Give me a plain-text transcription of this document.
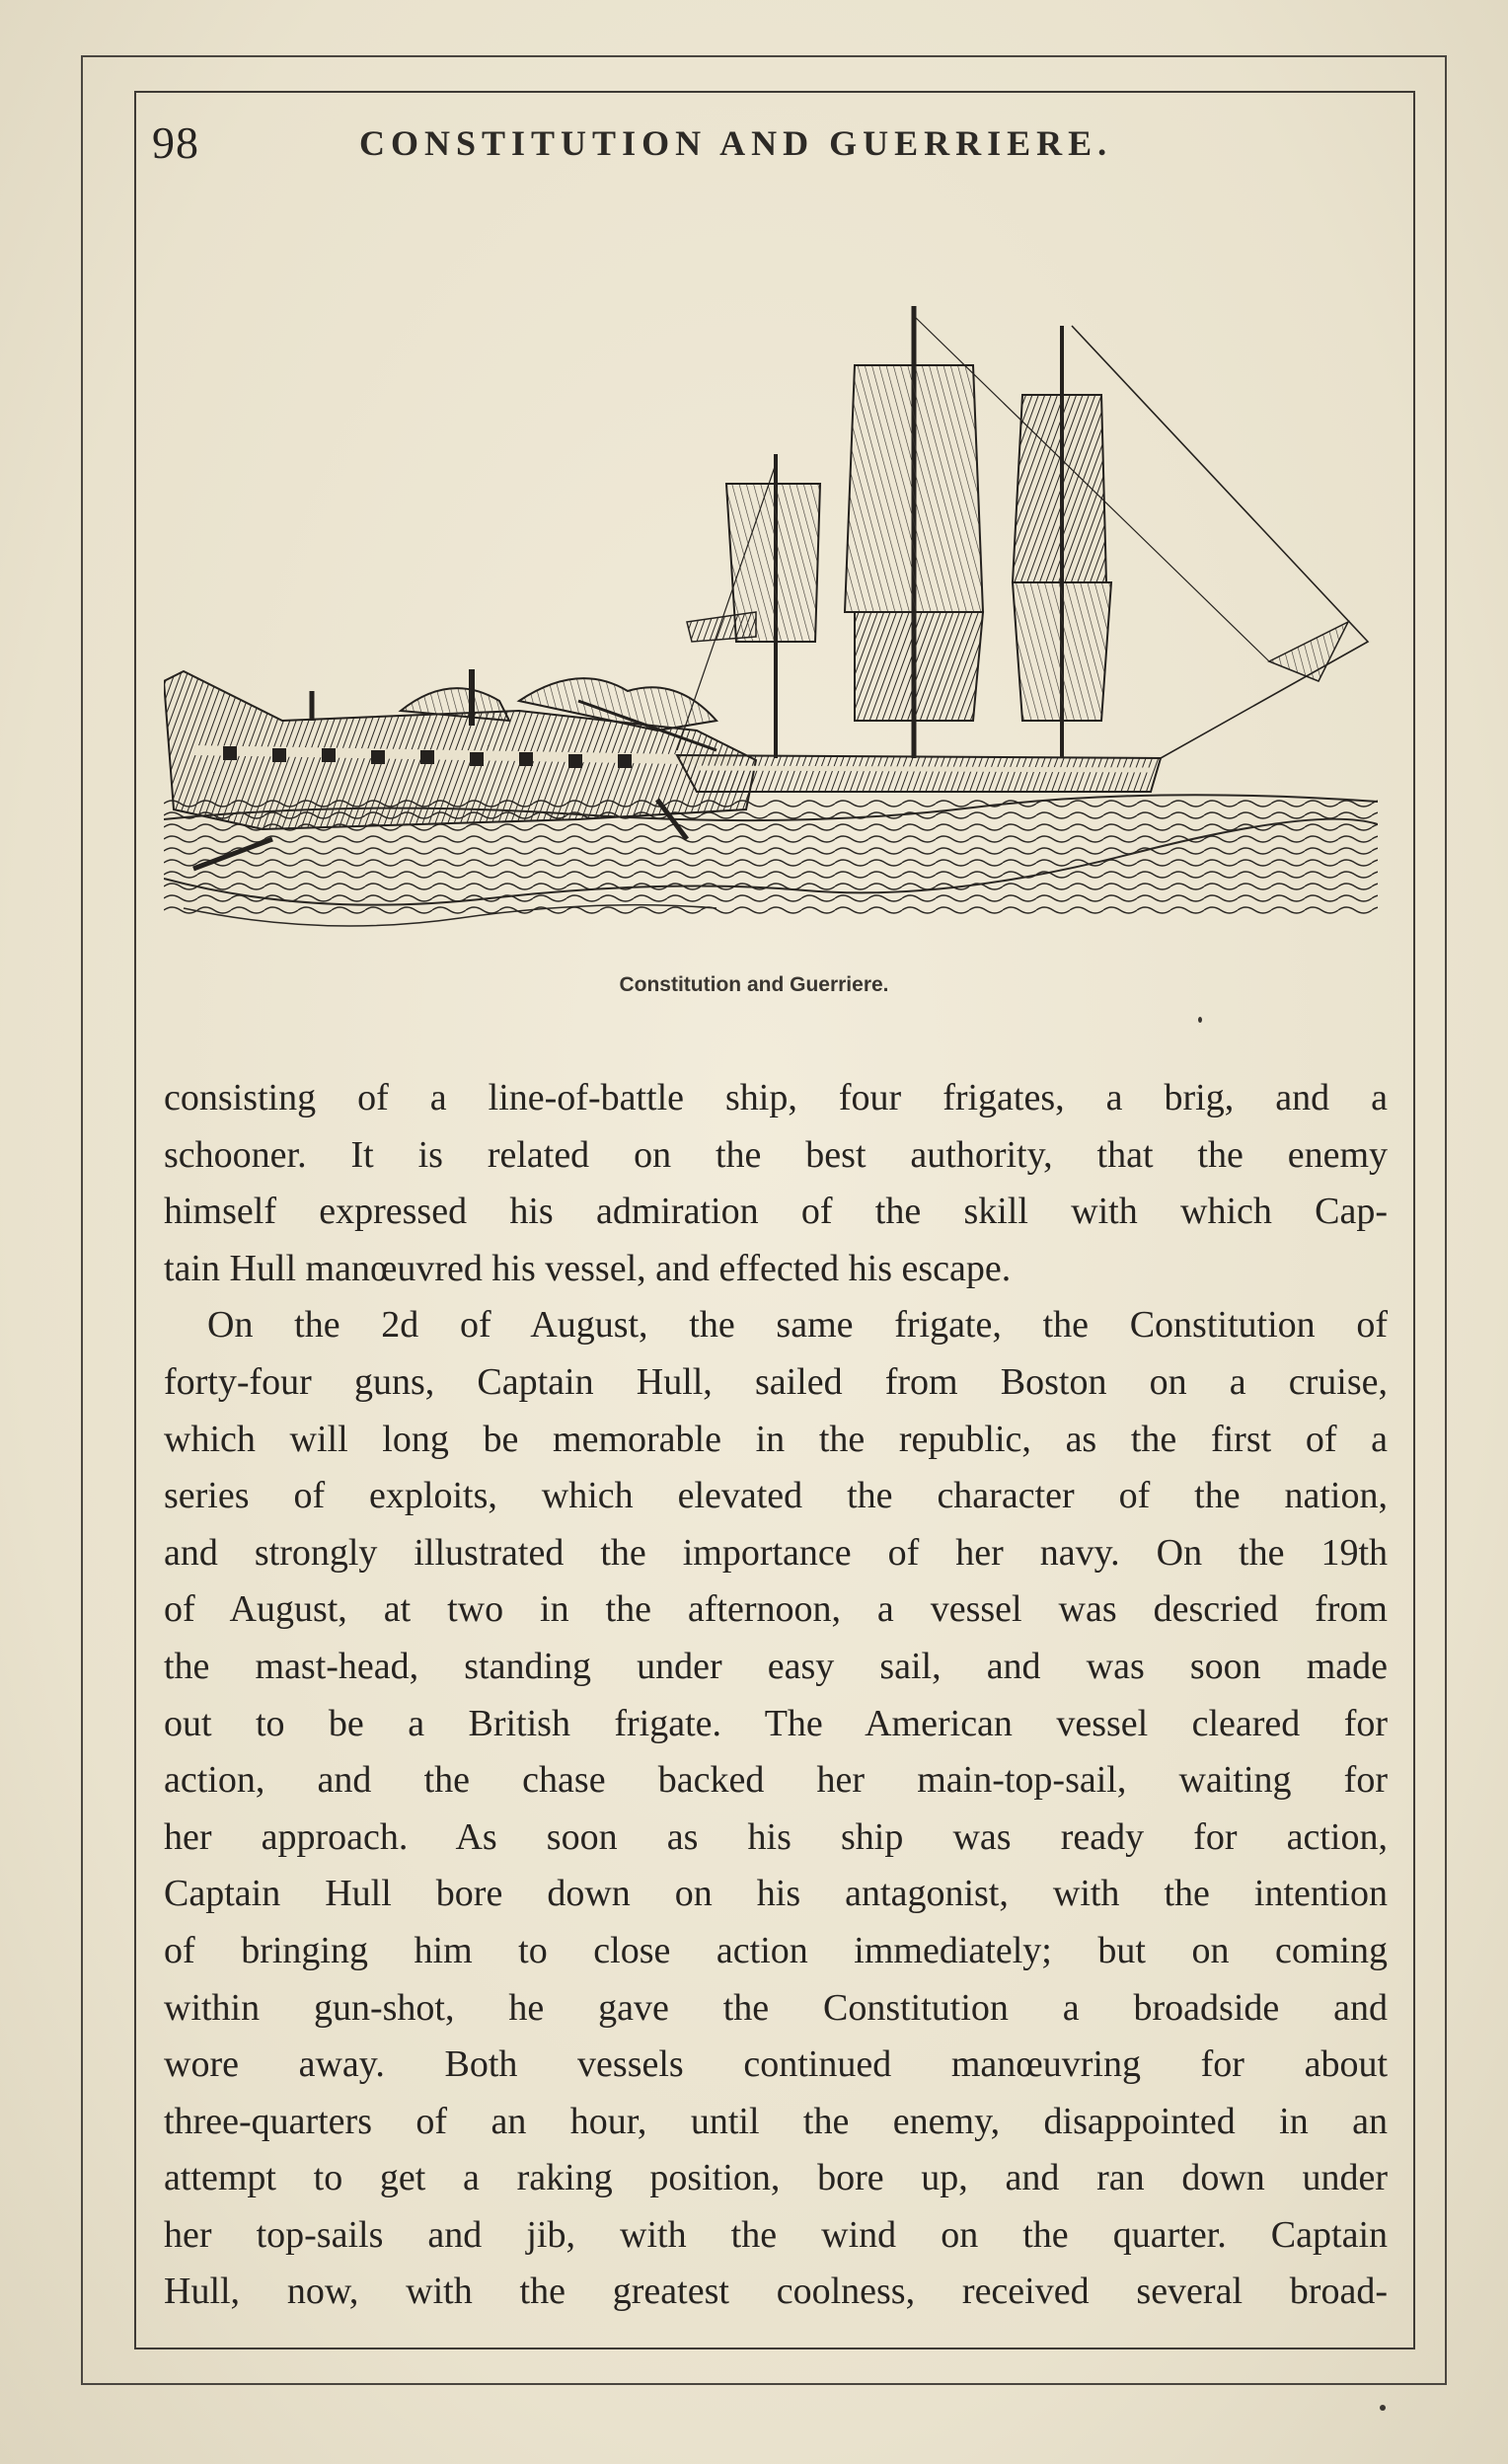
98	CONSTITUTION AND GUERRIERE.
Constitution and Guerriere.
consisting of a line-of-battle ship, four frigates, a brig, and a
schooner. It is related on the best authority, that the enemy
himself expressed his admiration of the skill with which Cap-
tain Hull manœuvred his vessel, and effected his escape.
On the 2d of August, the same frigate, the Constitution of
forty-four guns, Captain Hull, sailed from Boston on a cruise,
which will long be memorable in the republic, as the first of a
series of exploits, which elevated the character of the nation,
and strongly illustrated the importance of her navy. On the 19th
of August, at two in the afternoon, a vessel was descried from
the mast-head, standing under easy sail, and was soon made
out to be a British frigate. The American vessel cleared for
action, and the chase backed her main-top-sail, waiting for
her approach. As soon as his ship was ready for action,
Captain Hull bore down on his antagonist, with the intention
of bringing him to close action immediately; but on coming
within gun-shot, he gave the Constitution a broadside and
wore away. Both vessels continued manœuvring for about
three-quarters of an hour, until the enemy, disappointed in an
attempt to get a raking position, bore up, and ran down under
her top-sails and jib, with the wind on the quarter. Captain
Hull, now, with the greatest coolness, received several broad-
